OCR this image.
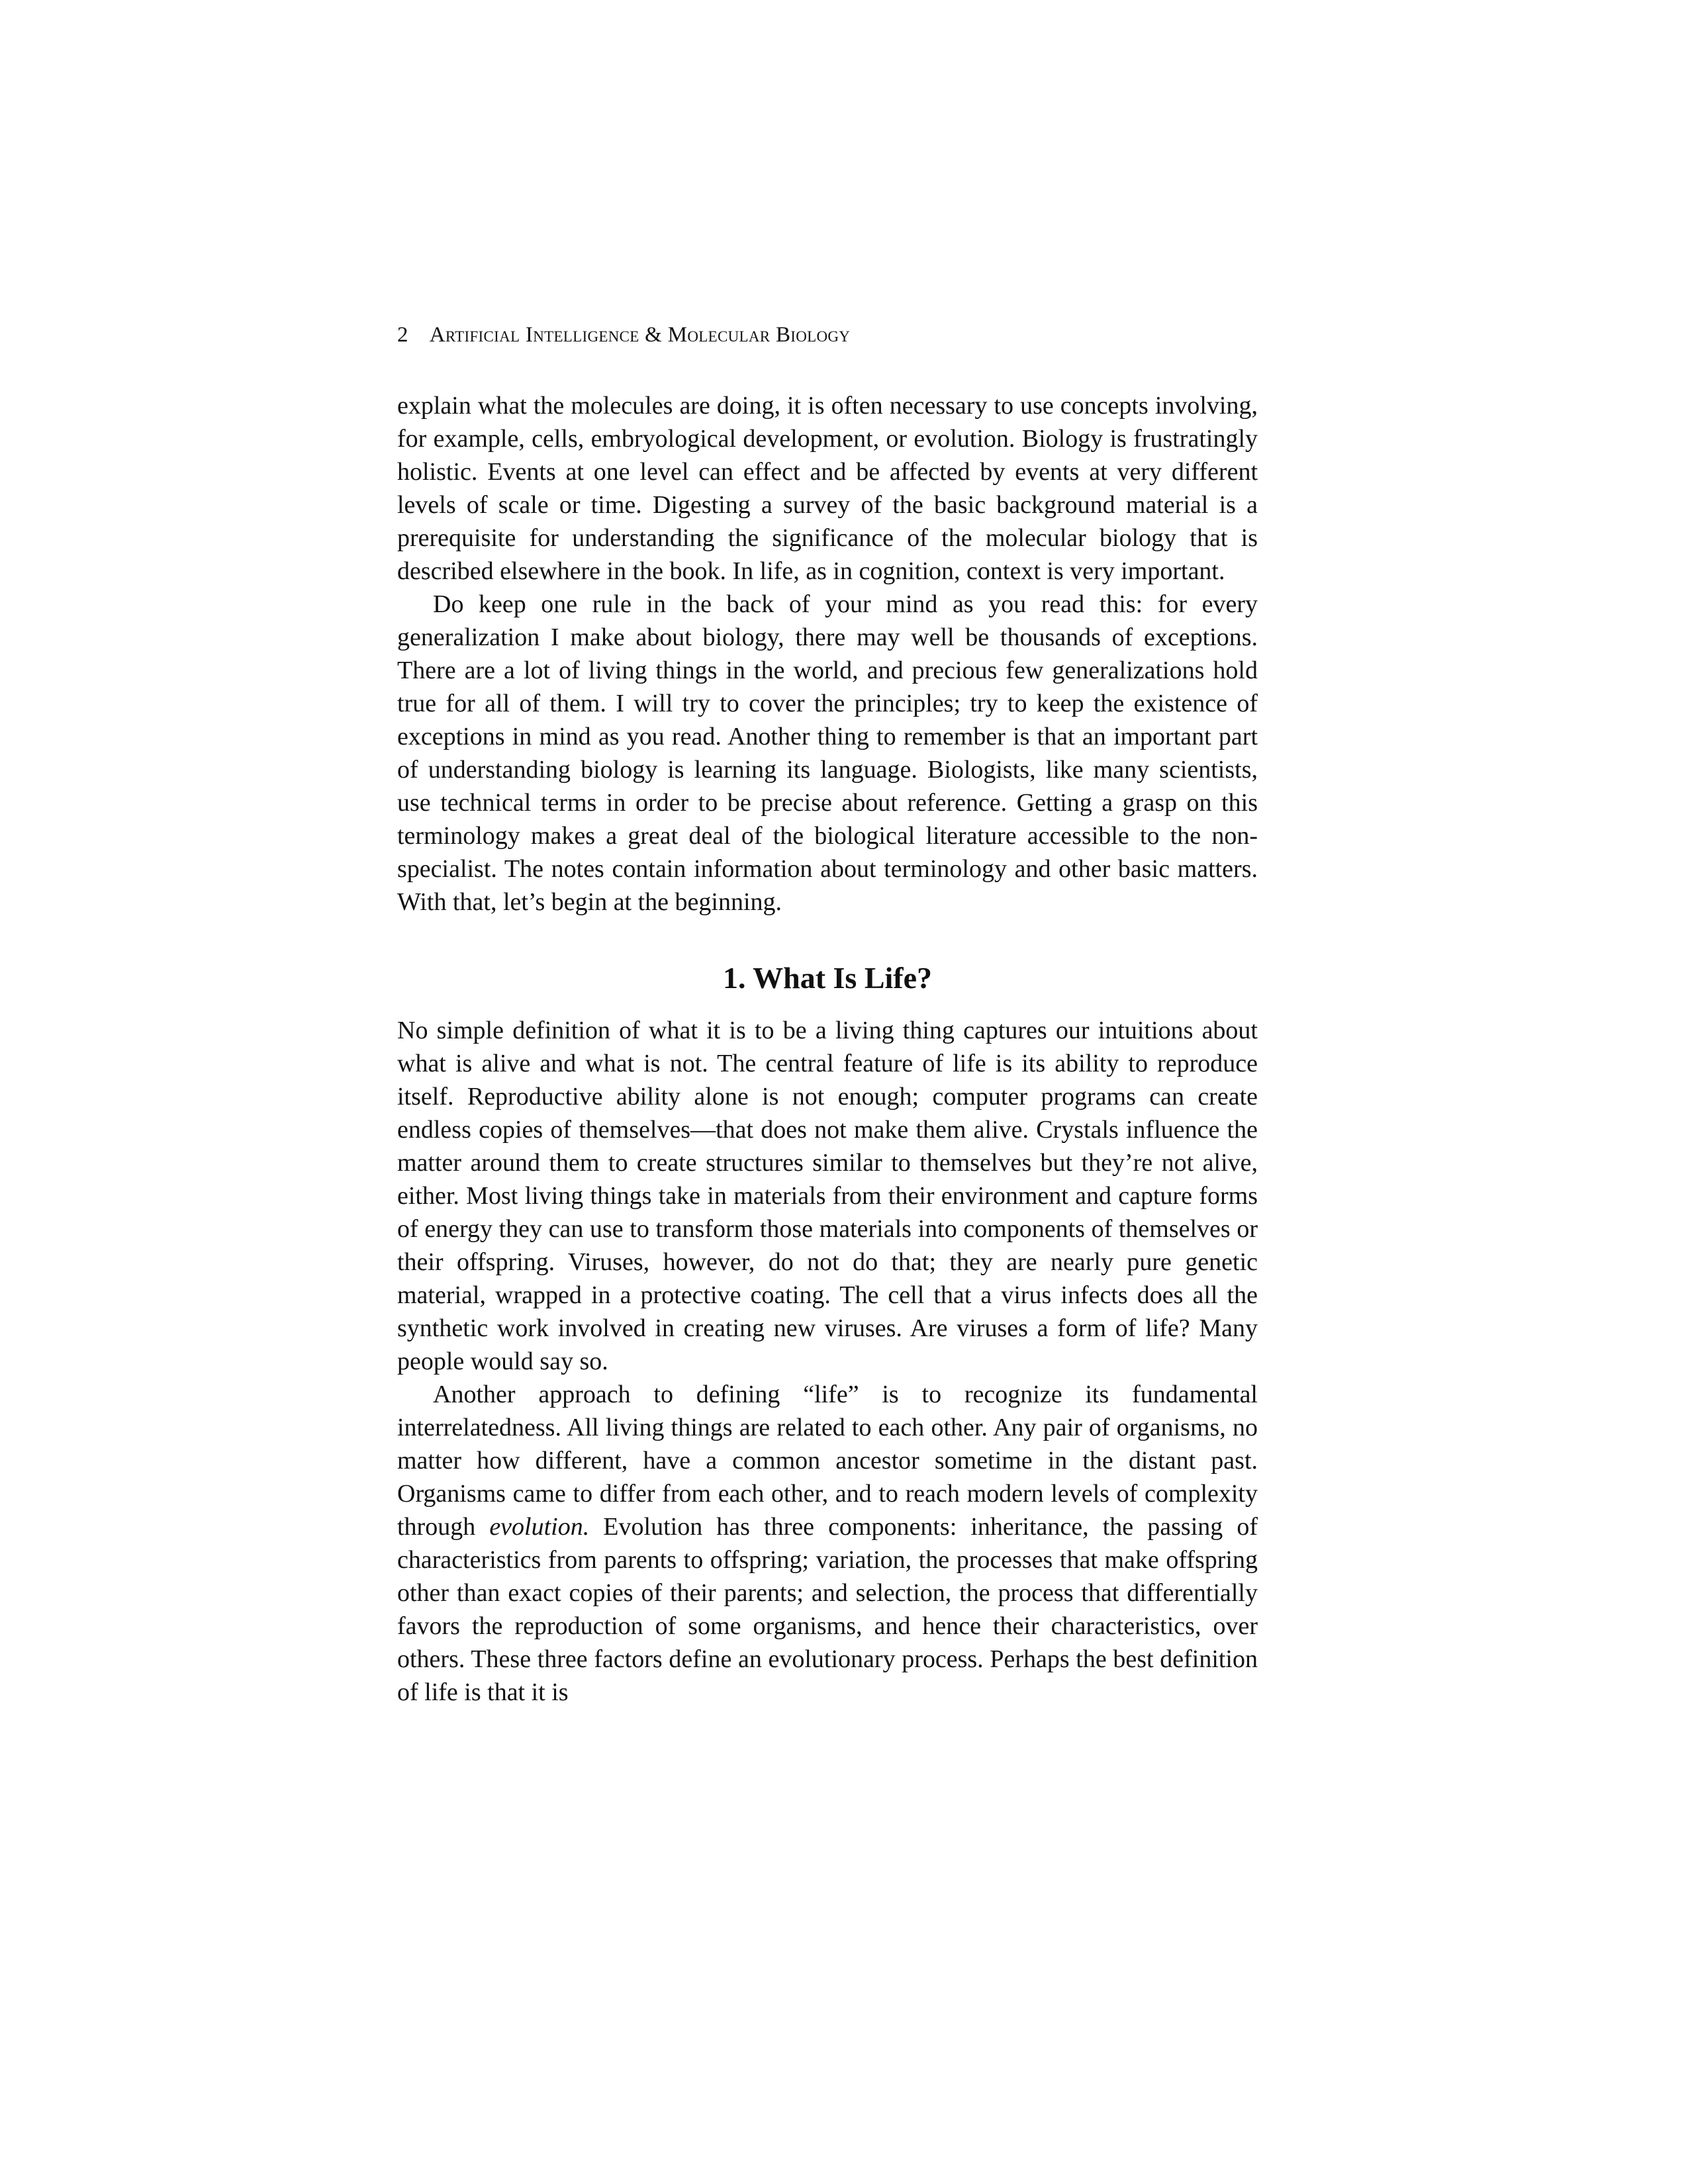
2 Artificial Intelligence & Molecular Biology

explain what the molecules are doing, it is often necessary to use concepts involving, for example, cells, embryological development, or evolution. Biology is frustratingly holistic. Events at one level can effect and be affected by events at very different levels of scale or time. Digesting a survey of the basic background material is a prerequisite for understanding the significance of the molecular biology that is described elsewhere in the book. In life, as in cognition, context is very important.

Do keep one rule in the back of your mind as you read this: for every generalization I make about biology, there may well be thousands of exceptions. There are a lot of living things in the world, and precious few generalizations hold true for all of them. I will try to cover the principles; try to keep the existence of exceptions in mind as you read. Another thing to remember is that an important part of understanding biology is learning its language. Biologists, like many scientists, use technical terms in order to be precise about reference. Getting a grasp on this terminology makes a great deal of the biological literature accessible to the non-specialist. The notes contain information about terminology and other basic matters. With that, let’s begin at the beginning.

1. What Is Life?

No simple definition of what it is to be a living thing captures our intuitions about what is alive and what is not. The central feature of life is its ability to reproduce itself. Reproductive ability alone is not enough; computer programs can create endless copies of themselves—that does not make them alive. Crystals influence the matter around them to create structures similar to themselves but they’re not alive, either. Most living things take in materials from their environment and capture forms of energy they can use to transform those materials into components of themselves or their offspring. Viruses, however, do not do that; they are nearly pure genetic material, wrapped in a protective coating. The cell that a virus infects does all the synthetic work involved in creating new viruses. Are viruses a form of life? Many people would say so.

Another approach to defining “life” is to recognize its fundamental interrelatedness. All living things are related to each other. Any pair of organisms, no matter how different, have a common ancestor sometime in the distant past. Organisms came to differ from each other, and to reach modern levels of complexity through evolution. Evolution has three components: inheritance, the passing of characteristics from parents to offspring; variation, the processes that make offspring other than exact copies of their parents; and selection, the process that differentially favors the reproduction of some organisms, and hence their characteristics, over others. These three factors define an evolutionary process. Perhaps the best definition of life is that it is
